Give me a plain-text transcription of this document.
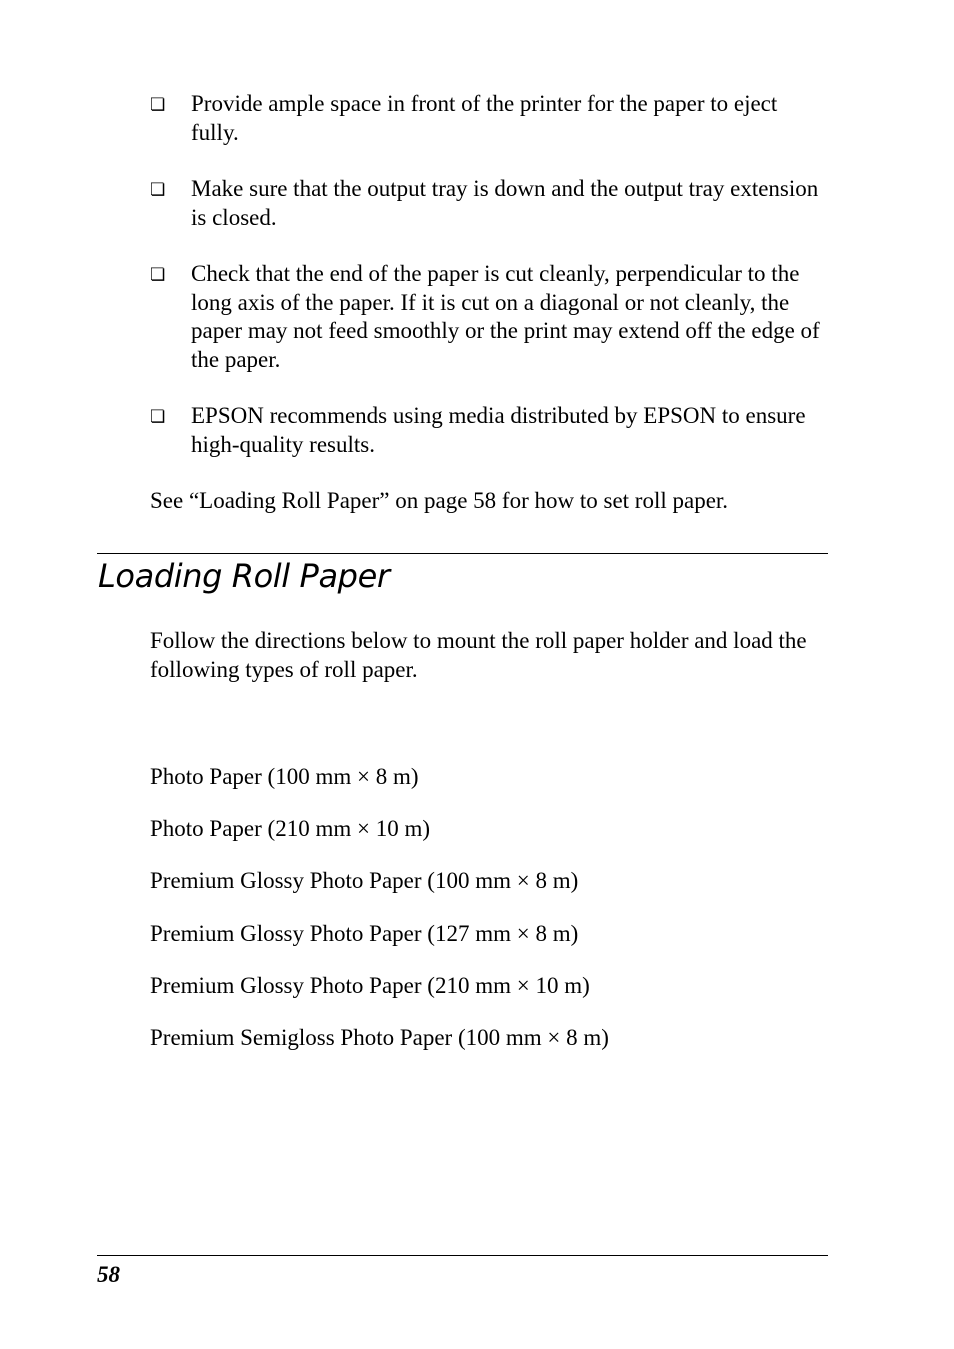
❏	Provide ample space in front of the printer for the paper to eject fully.
❏	Make sure that the output tray is down and the output tray extension is closed.
❏	Check that the end of the paper is cut cleanly, perpendicular to the long axis of the paper. If it is cut on a diagonal or not cleanly, the paper may not feed smoothly or the print may extend off the edge of the paper.
❏	EPSON recommends using media distributed by EPSON to ensure high-quality results.

See “Loading Roll Paper” on page 58 for how to set roll paper.

Loading Roll Paper

Follow the directions below to mount the roll paper holder and load the following types of roll paper.

Photo Paper (100 mm × 8 m)
Photo Paper (210 mm × 10 m)
Premium Glossy Photo Paper (100 mm × 8 m)
Premium Glossy Photo Paper (127 mm × 8 m)
Premium Glossy Photo Paper (210 mm × 10 m)
Premium Semigloss Photo Paper (100 mm × 8 m)
58
